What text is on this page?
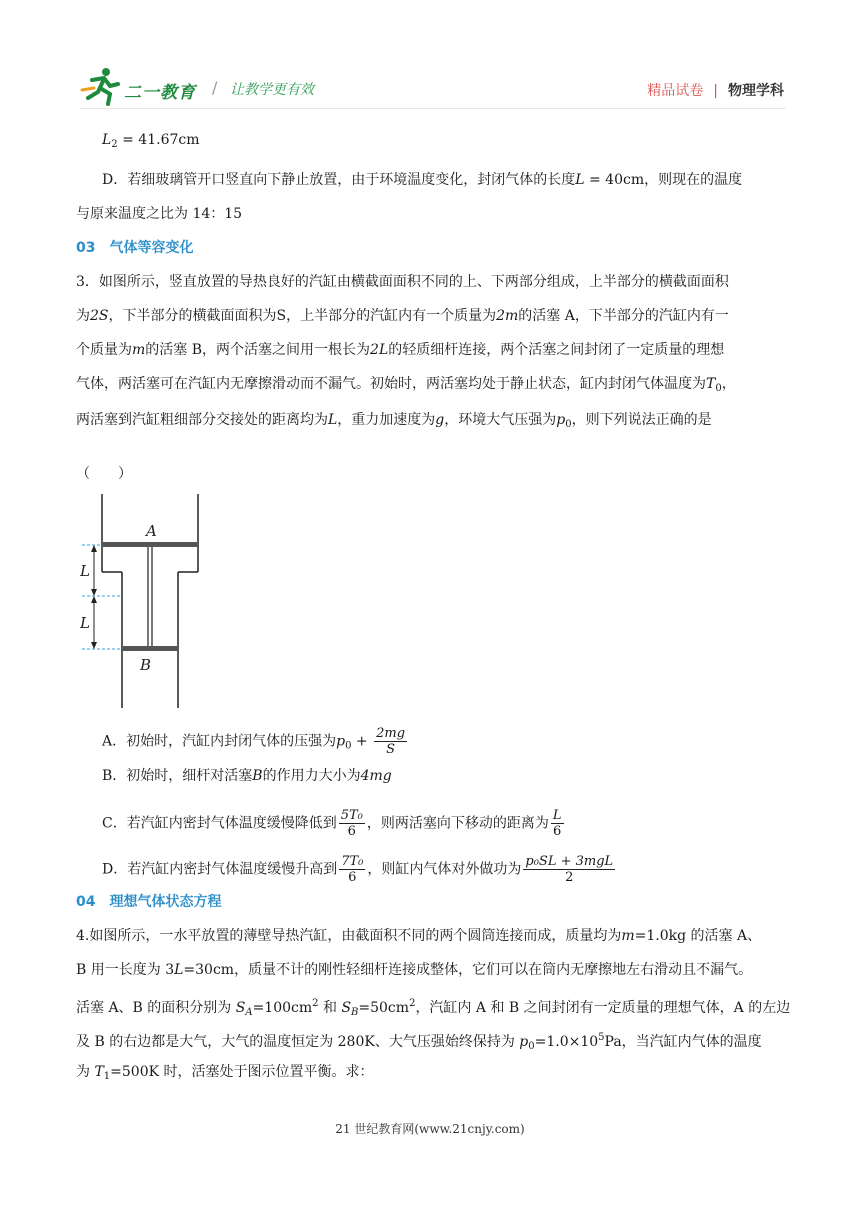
二一教育 / 让教学更有效	精品试卷 | 物理学科
$L_2 = 41.67cm$
D．若细玻璃管开口竖直向下静止放置，由于环境温度变化，封闭气体的长度L = 40cm，则现在的温度
与原来温度之比为 14：15
03　气体等容变化
3．如图所示，竖直放置的导热良好的汽缸由横截面面积不同的上、下两部分组成，上半部分的横截面面积
为2S，下半部分的横截面面积为S，上半部分的汽缸内有一个质量为2m的活塞 A，下半部分的汽缸内有一
个质量为m的活塞 B，两个活塞之间用一根长为2L的轻质细杆连接，两个活塞之间封闭了一定质量的理想
气体，两活塞可在汽缸内无摩擦滑动而不漏气。初始时，两活塞均处于静止状态，缸内封闭气体温度为$T_0$，
两活塞到汽缸粗细部分交接处的距离均为L，重力加速度为g，环境大气压强为$p_0$，则下列说法正确的是
（　　）
A．初始时，汽缸内封闭气体的压强为$p_0 + \frac{2mg}{S}$
B．初始时，细杆对活塞B的作用力大小为4mg
C．若汽缸内密封气体温度缓慢降低到 $\frac{\text{5T₀}}{6}$ ，则两活塞向下移动的距离为 $\frac{L}{6}$
D．若汽缸内密封气体温度缓慢升高到 $\frac{\text{7T₀}}{6}$ ，则缸内气体对外做功为 $\frac{\text{p₀SL + 3mgL}}{2}$
04　理想气体状态方程
4.如图所示，一水平放置的薄壁导热汽缸，由截面积不同的两个圆筒连接而成，质量均为m=1.0kg 的活塞 A、
B 用一长度为 3L=30cm，质量不计的刚性轻细杆连接成整体，它们可以在筒内无摩擦地左右滑动且不漏气。
活塞 A、B 的面积分别为 $S_A=100cm^2$ 和 $S_B=50cm^2$，汽缸内 A 和 B 之间封闭有一定质量的理想气体，A 的左边
及 B 的右边都是大气，大气的温度恒定为 280K、大气压强始终保持为 $p_0=1.0\times 10^5Pa$，当汽缸内气体的温度
为 $T_1=500K$ 时，活塞处于图示位置平衡。求：
A
B
L
L
21 世纪教育网(www.21cnjy.com)
